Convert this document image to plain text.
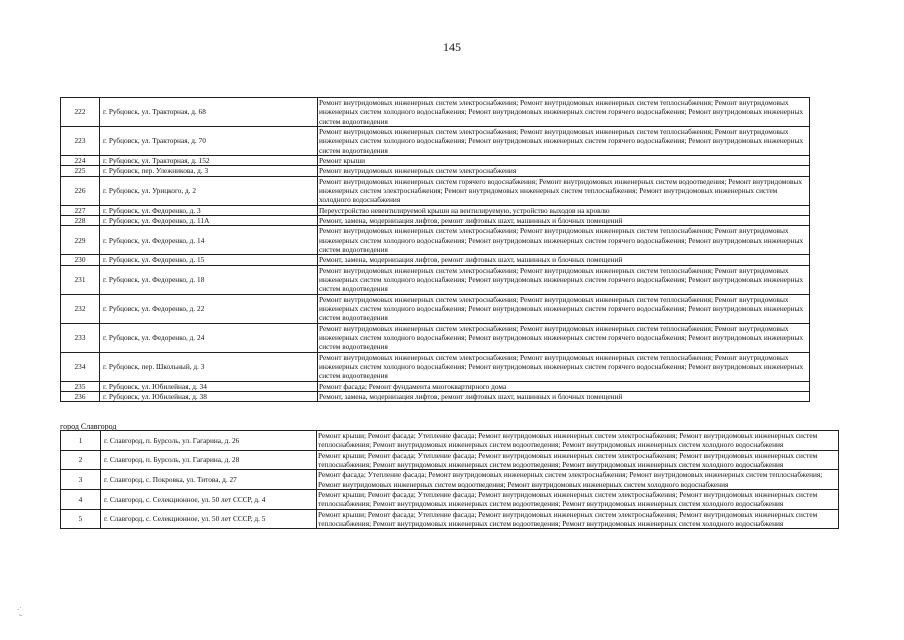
145
222	г. Рубцовск, ул. Тракторная, д. 68	Ремонт внутридомовых инженерных систем электроснабжения; Ремонт внутридомовых инженерных систем теплоснабжения; Ремонт внутридомовых инженерных систем холодного водоснабжения; Ремонт внутридомовых инженерных систем горячего водоснабжения; Ремонт внутридомовых инженерных систем водоотведения
223	г. Рубцовск, ул. Тракторная, д. 70	Ремонт внутридомовых инженерных систем электроснабжения; Ремонт внутридомовых инженерных систем теплоснабжения; Ремонт внутридомовых инженерных систем холодного водоснабжения; Ремонт внутридомовых инженерных систем горячего водоснабжения; Ремонт внутридомовых инженерных систем водоотведения
224	г. Рубцовск, ул. Тракторная, д. 152	Ремонт крыши
225	г. Рубцовск, пер. Улежникова, д. 3	Ремонт внутридомовых инженерных систем электроснабжения
226	г. Рубцовск, ул. Урицкого, д. 2	Ремонт внутридомовых инженерных систем горячего водоснабжения; Ремонт внутридомовых инженерных систем водоотведения; Ремонт внутридомовых инженерных систем электроснабжения; Ремонт внутридомовых инженерных систем теплоснабжения; Ремонт внутридомовых инженерных систем холодного водоснабжения
227	г. Рубцовск, ул. Федоренко, д. 3	Переустройство невентилируемой крыши на вентилируемую, устройство выходов на кровлю
228	г. Рубцовск, ул. Федоренко, д. 11А	Ремонт, замена, модернизация лифтов, ремонт лифтовых шахт, машинных и блочных помещений
229	г. Рубцовск, ул. Федоренко, д. 14	Ремонт внутридомовых инженерных систем электроснабжения; Ремонт внутридомовых инженерных систем теплоснабжения; Ремонт внутридомовых инженерных систем холодного водоснабжения; Ремонт внутридомовых инженерных систем горячего водоснабжения; Ремонт внутридомовых инженерных систем водоотведения
230	г. Рубцовск, ул. Федоренко, д. 15	Ремонт, замена, модернизация лифтов, ремонт лифтовых шахт, машинных и блочных помещений
231	г. Рубцовск, ул. Федоренко, д. 18	Ремонт внутридомовых инженерных систем электроснабжения; Ремонт внутридомовых инженерных систем теплоснабжения; Ремонт внутридомовых инженерных систем холодного водоснабжения; Ремонт внутридомовых инженерных систем горячего водоснабжения; Ремонт внутридомовых инженерных систем водоотведения
232	г. Рубцовск, ул. Федоренко, д. 22	Ремонт внутридомовых инженерных систем электроснабжения; Ремонт внутридомовых инженерных систем теплоснабжения; Ремонт внутридомовых инженерных систем холодного водоснабжения; Ремонт внутридомовых инженерных систем горячего водоснабжения; Ремонт внутридомовых инженерных систем водоотведения
233	г. Рубцовск, ул. Федоренко, д. 24	Ремонт внутридомовых инженерных систем электроснабжения; Ремонт внутридомовых инженерных систем теплоснабжения; Ремонт внутридомовых инженерных систем холодного водоснабжения; Ремонт внутридомовых инженерных систем горячего водоснабжения; Ремонт внутридомовых инженерных систем водоотведения
234	г. Рубцовск, пер. Школьный, д. 3	Ремонт внутридомовых инженерных систем электроснабжения; Ремонт внутридомовых инженерных систем теплоснабжения; Ремонт внутридомовых инженерных систем холодного водоснабжения; Ремонт внутридомовых инженерных систем горячего водоснабжения; Ремонт внутридомовых инженерных систем водоотведения
235	г. Рубцовск, ул. Юбилейная, д. 34	Ремонт фасада; Ремонт фундамента многоквартирного дома
236	г. Рубцовск, ул. Юбилейная, д. 38	Ремонт, замена, модернизация лифтов, ремонт лифтовых шахт, машинных и блочных помещений
город Славгород
1	г. Славгород, п. Бурсоль, ул. Гагарина, д. 26	Ремонт крыши; Ремонт фасада; Утепление фасада; Ремонт внутридомовых инженерных систем электроснабжения; Ремонт внутридомовых инженерных систем теплоснабжения; Ремонт внутридомовых инженерных систем водоотведения; Ремонт внутридомовых инженерных систем холодного водоснабжения
2	г. Славгород, п. Бурсоль, ул. Гагарина, д. 28	Ремонт крыши; Ремонт фасада; Утепление фасада; Ремонт внутридомовых инженерных систем электроснабжения; Ремонт внутридомовых инженерных систем теплоснабжения; Ремонт внутридомовых инженерных систем водоотведения; Ремонт внутридомовых инженерных систем холодного водоснабжения
3	г. Славгород, с. Покровка, ул. Титова, д. 27	Ремонт фасада; Утепление фасада; Ремонт внутридомовых инженерных систем электроснабжения; Ремонт внутридомовых инженерных систем теплоснабжения; Ремонт внутридомовых инженерных систем водоотведения; Ремонт внутридомовых инженерных систем холодного водоснабжения
4	г. Славгород, с. Селекционное, ул. 50 лет СССР, д. 4	Ремонт крыши; Ремонт фасада; Утепление фасада; Ремонт внутридомовых инженерных систем электроснабжения; Ремонт внутридомовых инженерных систем теплоснабжения; Ремонт внутридомовых инженерных систем водоотведения; Ремонт внутридомовых инженерных систем холодного водоснабжения
5	г. Славгород, с. Селекционное, ул. 50 лет СССР, д. 5	Ремонт крыши; Ремонт фасада; Утепление фасада; Ремонт внутридомовых инженерных систем электроснабжения; Ремонт внутридомовых инженерных систем теплоснабжения; Ремонт внутридомовых инженерных систем водоотведения; Ремонт внутридомовых инженерных систем холодного водоснабжения
·˙
~
